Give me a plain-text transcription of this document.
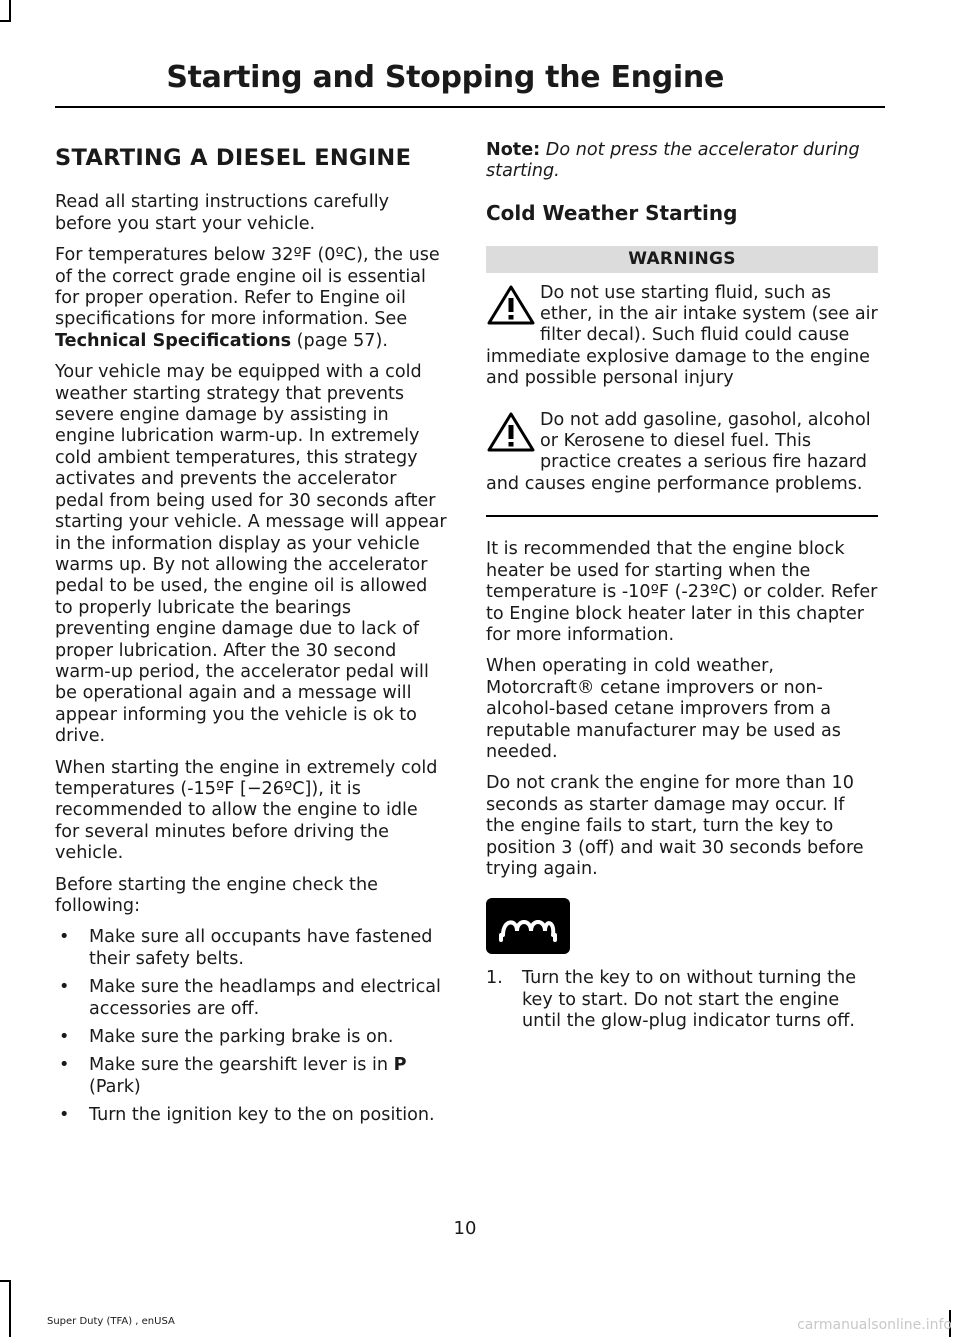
Starting and Stopping the Engine
STARTING A DIESEL ENGINE

Read all starting instructions carefully before you start your vehicle.

For temperatures below 32ºF (0ºC), the use of the correct grade engine oil is essential for proper operation. Refer to Engine oil specifications for more information. See Technical Specifications (page 57).

Your vehicle may be equipped with a cold weather starting strategy that prevents severe engine damage by assisting in engine lubrication warm-up. In extremely cold ambient temperatures, this strategy activates and prevents the accelerator pedal from being used for 30 seconds after starting your vehicle. A message will appear in the information display as your vehicle warms up. By not allowing the accelerator pedal to be used, the engine oil is allowed to properly lubricate the bearings preventing engine damage due to lack of proper lubrication. After the 30 second warm-up period, the accelerator pedal will be operational again and a message will appear informing you the vehicle is ok to drive.

When starting the engine in extremely cold temperatures (-15ºF [−26ºC]), it is recommended to allow the engine to idle for several minutes before driving the vehicle.

Before starting the engine check the following:

• Make sure all occupants have fastened their safety belts.
• Make sure the headlamps and electrical accessories are off.
• Make sure the parking brake is on.
• Make sure the gearshift lever is in P (Park)
• Turn the ignition key to the on position.

Note: Do not press the accelerator during starting.

Cold Weather Starting
WARNINGS

Do not use starting fluid, such as ether, in the air intake system (see air filter decal). Such fluid could cause immediate explosive damage to the engine and possible personal injury

Do not add gasoline, gasohol, alcohol or Kerosene to diesel fuel. This practice creates a serious fire hazard and causes engine performance problems.

It is recommended that the engine block heater be used for starting when the temperature is -10ºF (-23ºC) or colder. Refer to Engine block heater later in this chapter for more information.

When operating in cold weather, Motorcraft® cetane improvers or non-alcohol-based cetane improvers from a reputable manufacturer may be used as needed.

Do not crank the engine for more than 10 seconds as starter damage may occur. If the engine fails to start, turn the key to position 3 (off) and wait 30 seconds before trying again.

1. Turn the key to on without turning the key to start. Do not start the engine until the glow-plug indicator turns off.
10
Super Duty (TFA) , enUSA	carmanualsonline.info
